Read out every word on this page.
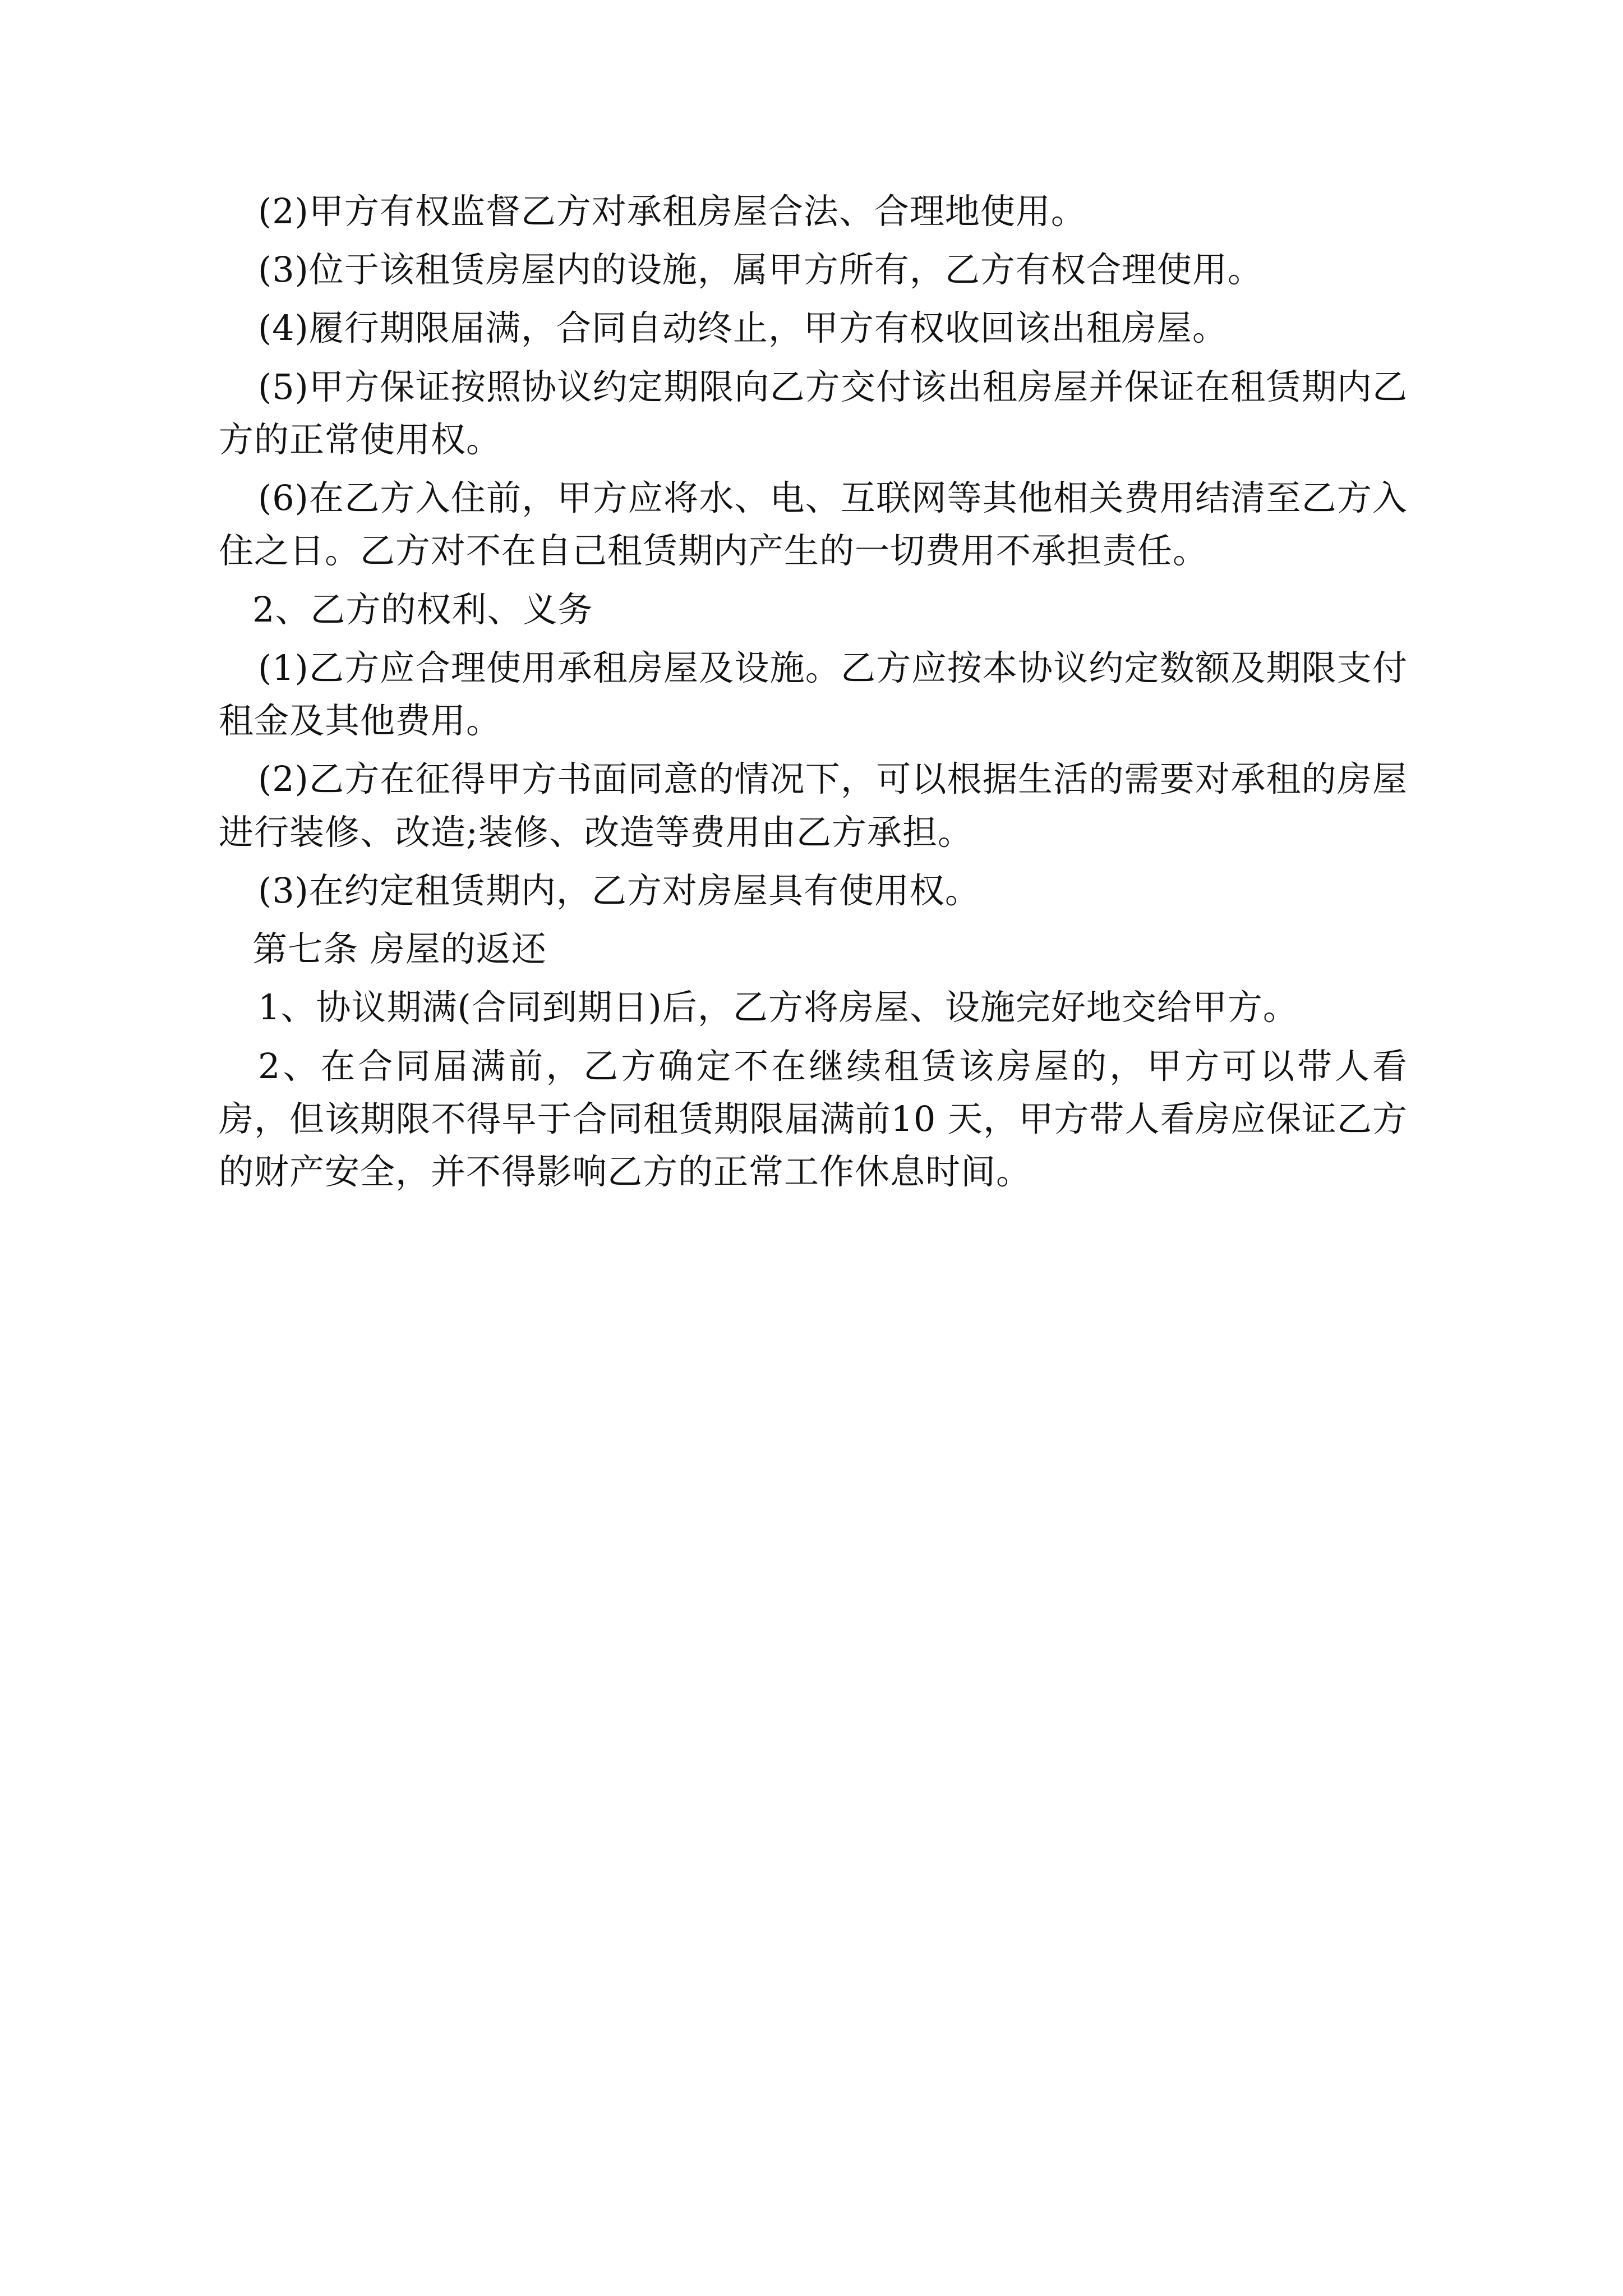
(2)甲方有权监督乙方对承租房屋合法、合理地使用。

(3)位于该租赁房屋内的设施，属甲方所有，乙方有权合理使用。

(4)履行期限届满，合同自动终止，甲方有权收回该出租房屋。

(5)甲方保证按照协议约定期限向乙方交付该出租房屋并保证在租赁期内乙方的正常使用权。

(6)在乙方入住前，甲方应将水、电、互联网等其他相关费用结清至乙方入住之日。乙方对不在自己租赁期内产生的一切费用不承担责任。

2、乙方的权利、义务

(1)乙方应合理使用承租房屋及设施。乙方应按本协议约定数额及期限支付租金及其他费用。

(2)乙方在征得甲方书面同意的情况下，可以根据生活的需要对承租的房屋进行装修、改造;装修、改造等费用由乙方承担。

(3)在约定租赁期内，乙方对房屋具有使用权。

第七条 房屋的返还

1、协议期满(合同到期日)后，乙方将房屋、设施完好地交给甲方。

2、在合同届满前，乙方确定不在继续租赁该房屋的，甲方可以带人看房，但该期限不得早于合同租赁期限届满前10 天，甲方带人看房应保证乙方的财产安全，并不得影响乙方的正常工作休息时间。
